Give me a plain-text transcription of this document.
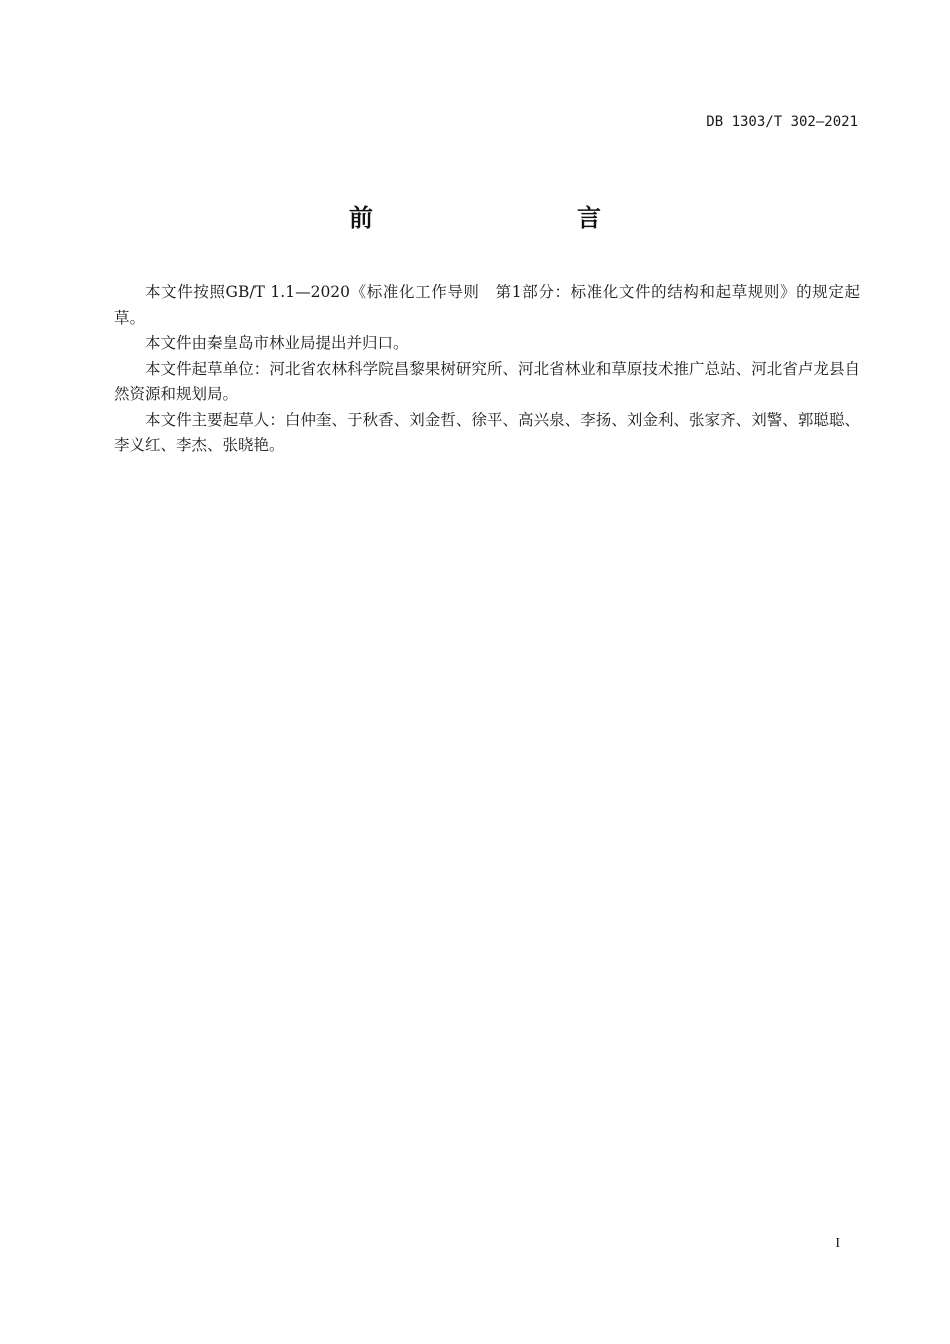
DB 1303/T 302—2021
前　　言

本文件按照GB/T 1.1—2020《标准化工作导则　第1部分：标准化文件的结构和起草规则》的规定起草。

本文件由秦皇岛市林业局提出并归口。

本文件起草单位：河北省农林科学院昌黎果树研究所、河北省林业和草原技术推广总站、河北省卢龙县自然资源和规划局。

本文件主要起草人：白仲奎、于秋香、刘金哲、徐平、高兴泉、李扬、刘金利、张家齐、刘警、郭聪聪、李义红、李杰、张晓艳。

I
